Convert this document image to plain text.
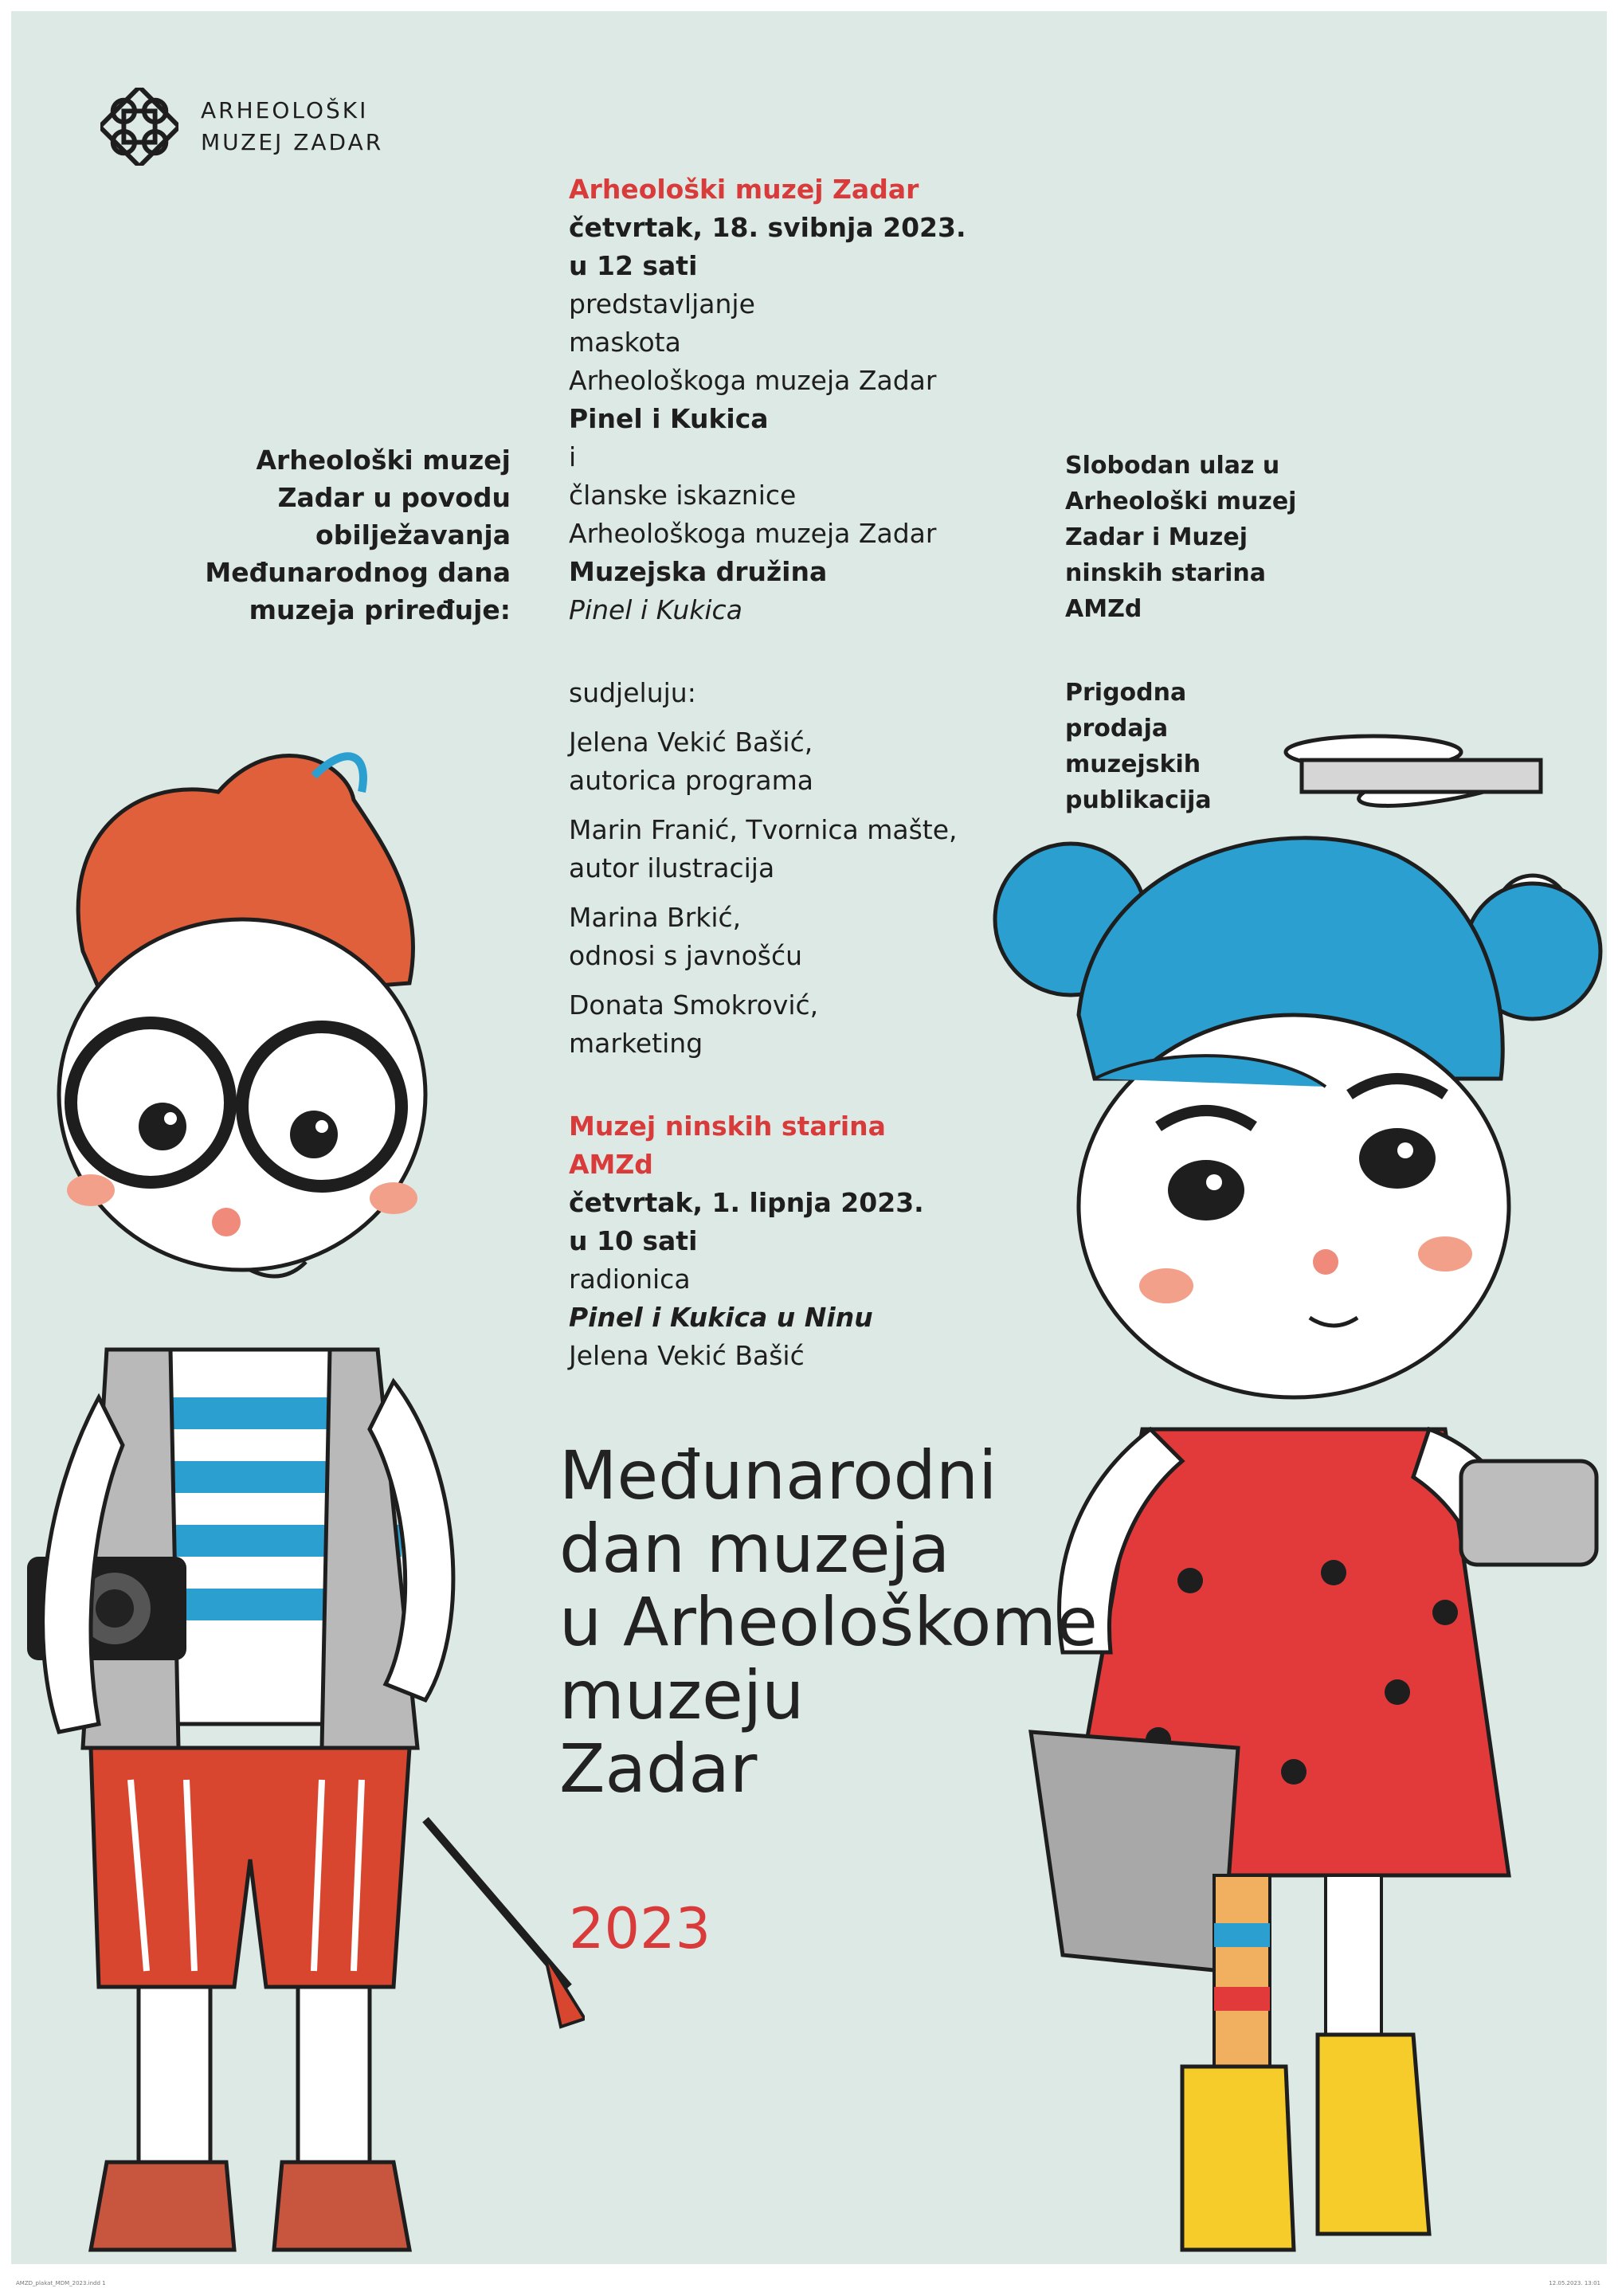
ARHEOLOŠKI
MUZEJ ZADAR
Arheološki muzej
Zadar u povodu
obilježavanja
Međunarodnog dana
muzeja priređuje:

Arheološki muzej Zadar

četvrtak, 18. svibnja 2023.

u 12 sati

predstavljanje

maskota

Arheološkoga muzeja Zadar

Pinel i Kukica

i

članske iskaznice

Arheološkoga muzeja Zadar

Muzejska družina

Pinel i Kukica

sudjeluju:

Jelena Vekić Bašić,

autorica programa

Marin Franić, Tvornica mašte,

autor ilustracija

Marina Brkić,

odnosi s javnošću

Donata Smokrović,

marketing

Muzej ninskih starina

AMZd

četvrtak, 1. lipnja 2023.

u 10 sati

radionica

Pinel i Kukica u Ninu

Jelena Vekić Bašić

Slobodan ulaz u
Arheološki muzej
Zadar i Muzej
ninskih starina
AMZd
Prigodna
prodaja
muzejskih
publikacija
Međunarodni
dan muzeja
u Arheološkome
muzeju
Zadar
2023
AMZD_plakat_MDM_2023.indd 1	12.05.2023. 13:01
